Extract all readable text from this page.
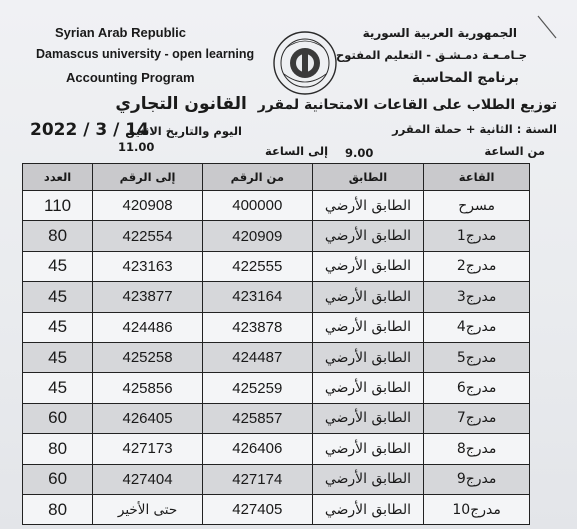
Syrian Arab Republic
Damascus university - open learning
Accounting Program
الجمهورية العربية السورية
جـامـعـة دمـشـق - التعليم المفتوح
برنامج المحاسبة
توزيع الطلاب على القاعات الامتحانية لمقرر القانون التجاري
السنة : الثانية + حملة المقرر
اليوم والتاريخ الاثنين
2022 / 3 / 14
من الساعة
9.00
إلى الساعة
11.00
القاعة	الطابق	من الرقم	إلى الرقم	العدد
مسرح	الطابق الأرضي	400000	420908	110
مدرج1	الطابق الأرضي	420909	422554	80
مدرج2	الطابق الأرضي	422555	423163	45
مدرج3	الطابق الأرضي	423164	423877	45
مدرج4	الطابق الأرضي	423878	424486	45
مدرج5	الطابق الأرضي	424487	425258	45
مدرج6	الطابق الأرضي	425259	425856	45
مدرج7	الطابق الأرضي	425857	426405	60
مدرج8	الطابق الأرضي	426406	427173	80
مدرج9	الطابق الأرضي	427174	427404	60
مدرج10	الطابق الأرضي	427405	حتى الأخير	80
